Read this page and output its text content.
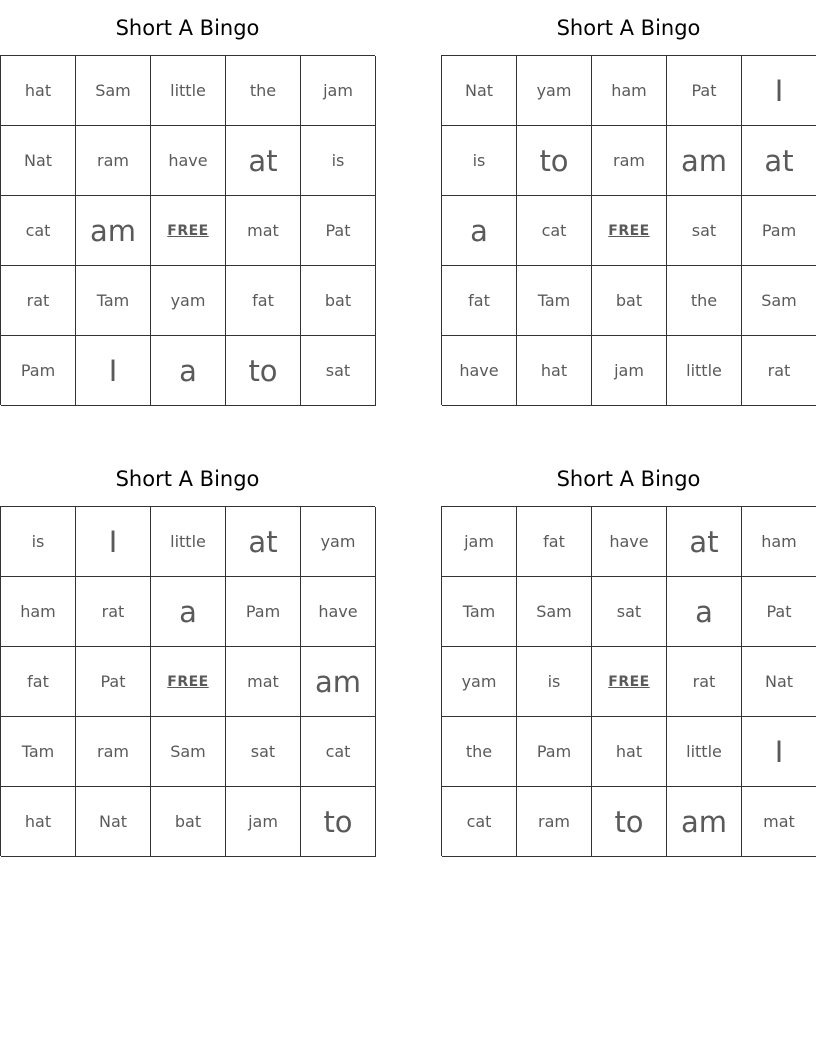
Short A Bingo
hat	Sam	little	the	jam
Nat	ram	have	at	is
cat	am	FREE	mat	Pat
rat	Tam	yam	fat	bat
Pam	I	a	to	sat
Short A Bingo
Nat	yam	ham	Pat	I
is	to	ram	am	at
a	cat	FREE	sat	Pam
fat	Tam	bat	the	Sam
have	hat	jam	little	rat
Short A Bingo
is	I	little	at	yam
ham	rat	a	Pam	have
fat	Pat	FREE	mat	am
Tam	ram	Sam	sat	cat
hat	Nat	bat	jam	to
Short A Bingo
jam	fat	have	at	ham
Tam	Sam	sat	a	Pat
yam	is	FREE	rat	Nat
the	Pam	hat	little	I
cat	ram	to	am	mat
